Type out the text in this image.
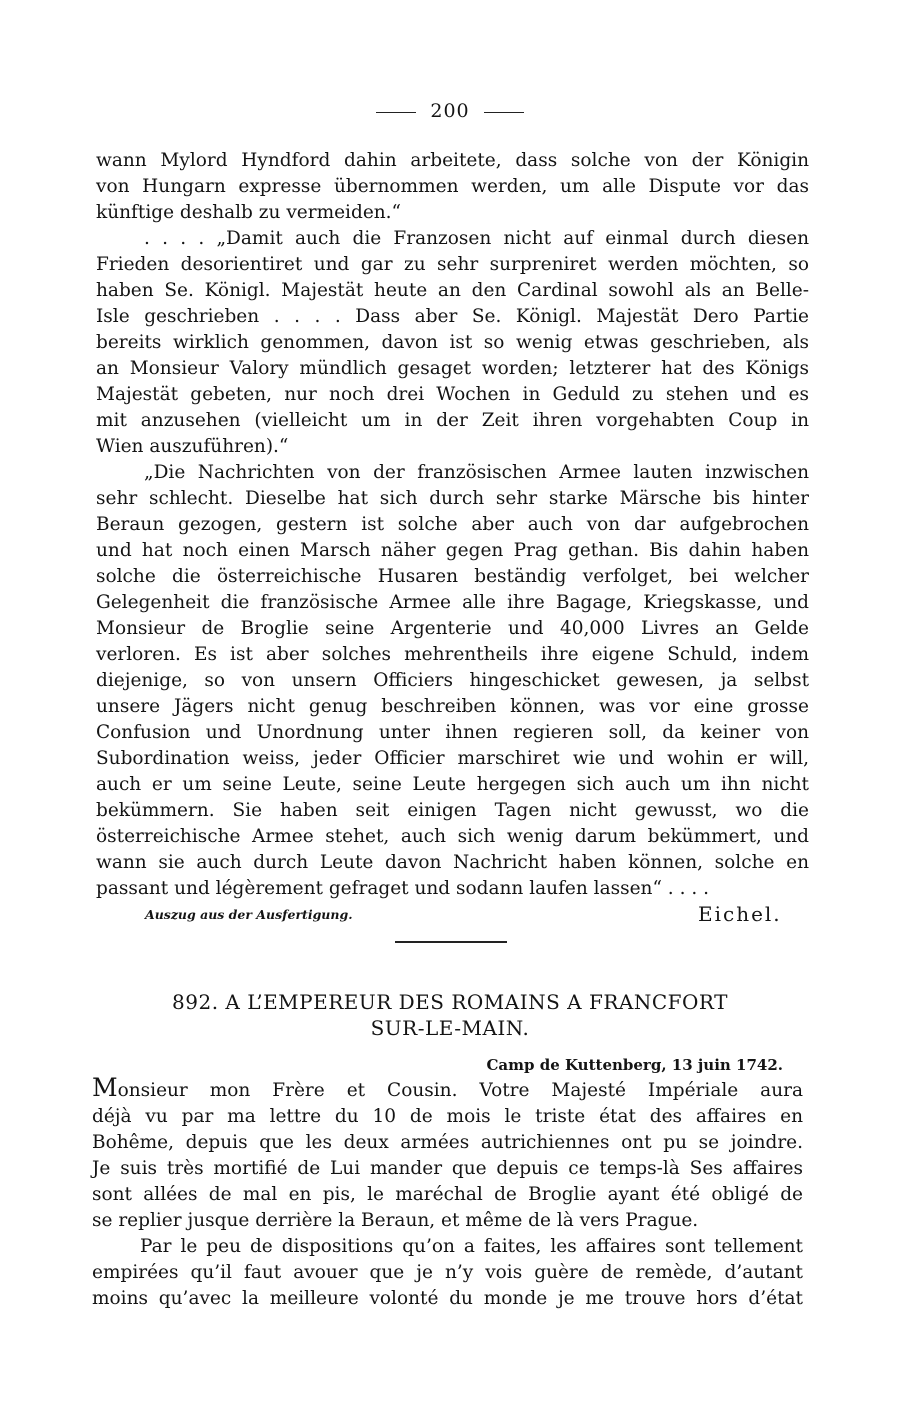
200
wann Mylord Hyndford dahin arbeitete, dass solche von der Königin
von Hungarn expresse übernommen werden, um alle Dispute vor das
künftige deshalb zu vermeiden.“
. . . . „Damit auch die Franzosen nicht auf einmal durch diesen
Frieden desorientiret und gar zu sehr surpreniret werden möchten, so
haben Se. Königl. Majestät heute an den Cardinal sowohl als an Belle-
Isle geschrieben . . . . Dass aber Se. Königl. Majestät Dero Partie
bereits wirklich genommen, davon ist so wenig etwas geschrieben, als
an Monsieur Valory mündlich gesaget worden; letzterer hat des Königs
Majestät gebeten, nur noch drei Wochen in Geduld zu stehen und es
mit anzusehen (vielleicht um in der Zeit ihren vorgehabten Coup in
Wien auszuführen).“
„Die Nachrichten von der französischen Armee lauten inzwischen
sehr schlecht. Dieselbe hat sich durch sehr starke Märsche bis hinter
Beraun gezogen, gestern ist solche aber auch von dar aufgebrochen
und hat noch einen Marsch näher gegen Prag gethan. Bis dahin haben
solche die österreichische Husaren beständig verfolget, bei welcher
Gelegenheit die französische Armee alle ihre Bagage, Kriegskasse, und
Monsieur de Broglie seine Argenterie und 40,000 Livres an Gelde
verloren. Es ist aber solches mehrentheils ihre eigene Schuld, indem
diejenige, so von unsern Officiers hingeschicket gewesen, ja selbst
unsere Jägers nicht genug beschreiben können, was vor eine grosse
Confusion und Unordnung unter ihnen regieren soll, da keiner von
Subordination weiss, jeder Officier marschiret wie und wohin er will,
auch er um seine Leute, seine Leute hergegen sich auch um ihn nicht
bekümmern. Sie haben seit einigen Tagen nicht gewusst, wo die
österreichische Armee stehet, auch sich wenig darum bekümmert, und
wann sie auch durch Leute davon Nachricht haben können, solche en
passant und légèrement gefraget und sodann laufen lassen“ . . . .
Auszug aus der Ausfertigung.	Eichel.
892. A L’EMPEREUR DES ROMAINS A FRANCFORT
SUR-LE-MAIN.
Camp de Kuttenberg, 13 juin 1742.
Monsieur mon Frère et Cousin. Votre Majesté Impériale aura
déjà vu par ma lettre du 10 de mois le triste état des affaires en
Bohême, depuis que les deux armées autrichiennes ont pu se joindre.
Je suis très mortifié de Lui mander que depuis ce temps-là Ses affaires
sont allées de mal en pis, le maréchal de Broglie ayant été obligé de
se replier jusque derrière la Beraun, et même de là vers Prague.
Par le peu de dispositions qu’on a faites, les affaires sont tellement
empirées qu’il faut avouer que je n’y vois guère de remède, d’autant
moins qu’avec la meilleure volonté du monde je me trouve hors d’état
